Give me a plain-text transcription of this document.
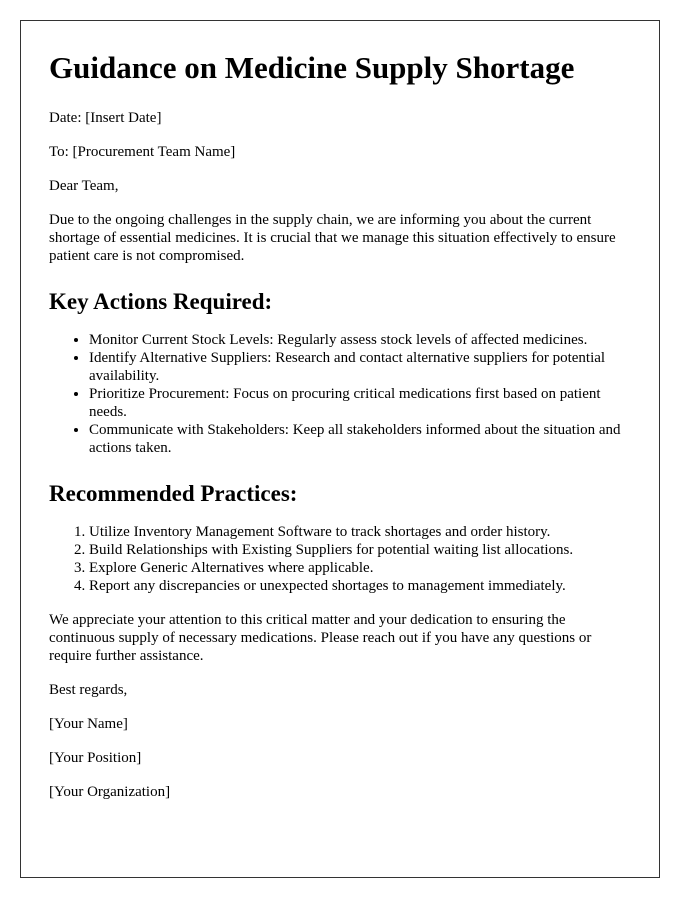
Guidance on Medicine Supply Shortage

Date: [Insert Date]

To: [Procurement Team Name]

Dear Team,

Due to the ongoing challenges in the supply chain, we are informing you about the current shortage of essential medicines. It is crucial that we manage this situation effectively to ensure patient care is not compromised.

Key Actions Required:
• Monitor Current Stock Levels: Regularly assess stock levels of affected medicines.
• Identify Alternative Suppliers: Research and contact alternative suppliers for potential availability.
• Prioritize Procurement: Focus on procuring critical medications first based on patient needs.
• Communicate with Stakeholders: Keep all stakeholders informed about the situation and actions taken.
Recommended Practices:
1. Utilize Inventory Management Software to track shortages and order history.
2. Build Relationships with Existing Suppliers for potential waiting list allocations.
3. Explore Generic Alternatives where applicable.
4. Report any discrepancies or unexpected shortages to management immediately.

We appreciate your attention to this critical matter and your dedication to ensuring the continuous supply of necessary medications. Please reach out if you have any questions or require further assistance.

Best regards,

[Your Name]

[Your Position]

[Your Organization]
